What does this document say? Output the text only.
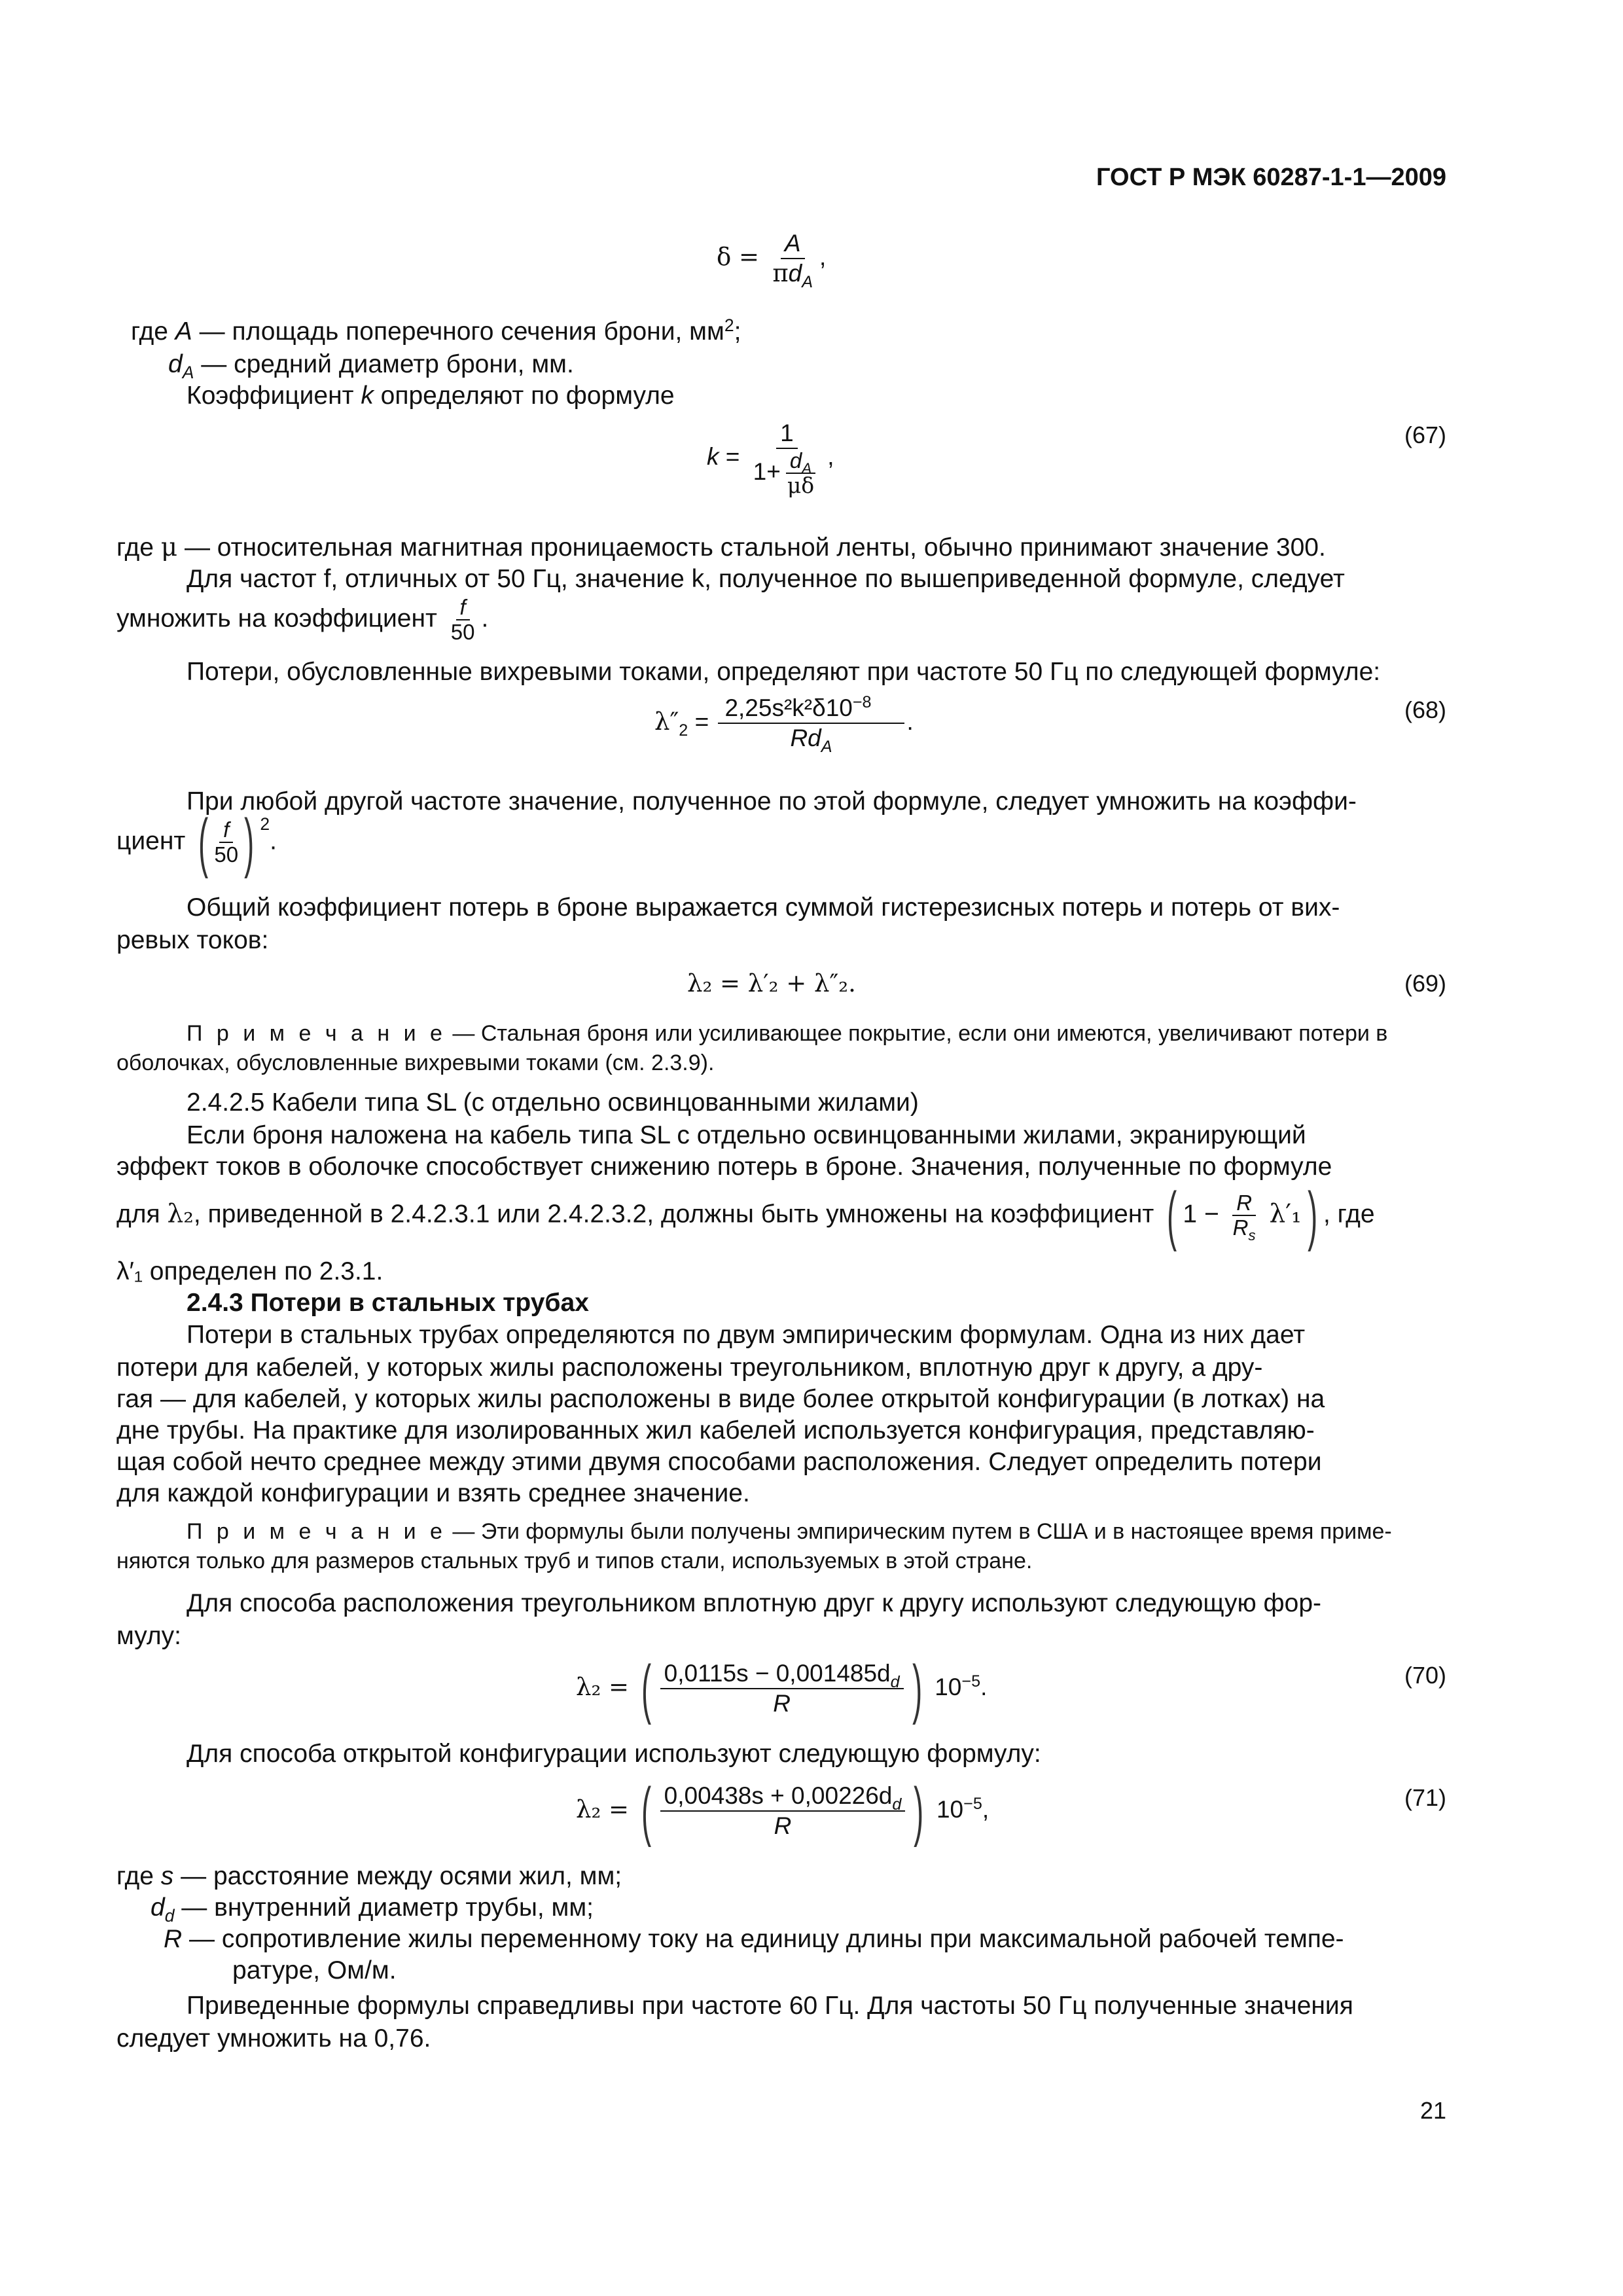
ГОСТ Р МЭК 60287-1-1—2009
$\delta = \frac{A}{\pi d_A}$ ,
где A — площадь поперечного сечения брони, $мм^2$;
$d_A$ — средний диаметр брони, мм.
Коэффициент k определяют по формуле
$k = \frac{1}{1+ \frac{d_A}{\mu\delta}}$ ,
(67)
где μ — относительная магнитная проницаемость стальной ленты, обычно принимают значение 300.
Для частот f, отличных от 50 Гц, значение k, полученное по вышеприведенной формуле, следует
умножить на коэффициент $\frac{f}{50}$ .
Потери, обусловленные вихревыми токами, определяют при частоте 50 Гц по следующей формуле:
$\lambda''_2 = \frac{2,25s^2k^2\delta 10^{-8}}{Rd_A}$ .	(68)
При любой другой частоте значение, полученное по этой формуле, следует умножить на коэффи-
циент ( $\frac{f}{50}$ ) $^2$.
Общий коэффициент потерь в броне выражается суммой гистерезисных потерь и потерь от вих-
ревых токов:
λ₂ = λ′₂ + λ″₂.	(69)
П р и м е ч а н и е — Стальная броня или усиливающее покрытие, если они имеются, увеличивают потери в
оболочках, обусловленные вихревыми токами (см. 2.3.9).
2.4.2.5 Кабели типа SL (с отдельно освинцованными жилами)
Если броня наложена на кабель типа SL с отдельно освинцованными жилами, экранирующий
эффект токов в оболочке способствует снижению потерь в броне. Значения, полученные по формуле
для λ₂, приведенной в 2.4.2.3.1 или 2.4.2.3.2, должны быть умножены на коэффициент ( $1 - \frac{R}{R_s} \lambda'_1$) , где
λ′₁ определен по 2.3.1.
2.4.3 Потери в стальных трубах
Потери в стальных трубах определяются по двум эмпирическим формулам. Одна из них дает
потери для кабелей, у которых жилы расположены треугольником, вплотную друг к другу, а дру-
гая — для кабелей, у которых жилы расположены в виде более открытой конфигурации (в лотках) на
дне трубы. На практике для изолированных жил кабелей используется конфигурация, представляю-
щая собой нечто среднее между этими двумя способами расположения. Следует определить потери
для каждой конфигурации и взять среднее значение.
П р и м е ч а н и е — Эти формулы были получены эмпирическим путем в США и в настоящее время приме-
няются только для размеров стальных труб и типов стали, используемых в этой стране.
Для способа расположения треугольником вплотную друг к другу используют следующую фор-
мулу:
λ₂ = ( $\frac{0,0115s - 0,001485d_d}{R}$ ) $10^{-5}$.	(70)
Для способа открытой конфигурации используют следующую формулу:
λ₂ = ( $\frac{0,00438s + 0,00226d_d}{R}$ ) $10^{-5}$,	(71)
где s — расстояние между осями жил, мм;
$d_d$ — внутренний диаметр трубы, мм;
R — сопротивление жилы переменному току на единицу длины при максимальной рабочей темпе-
ратуре, Ом/м.
Приведенные формулы справедливы при частоте 60 Гц. Для частоты 50 Гц полученные значения
следует умножить на 0,76.
21
